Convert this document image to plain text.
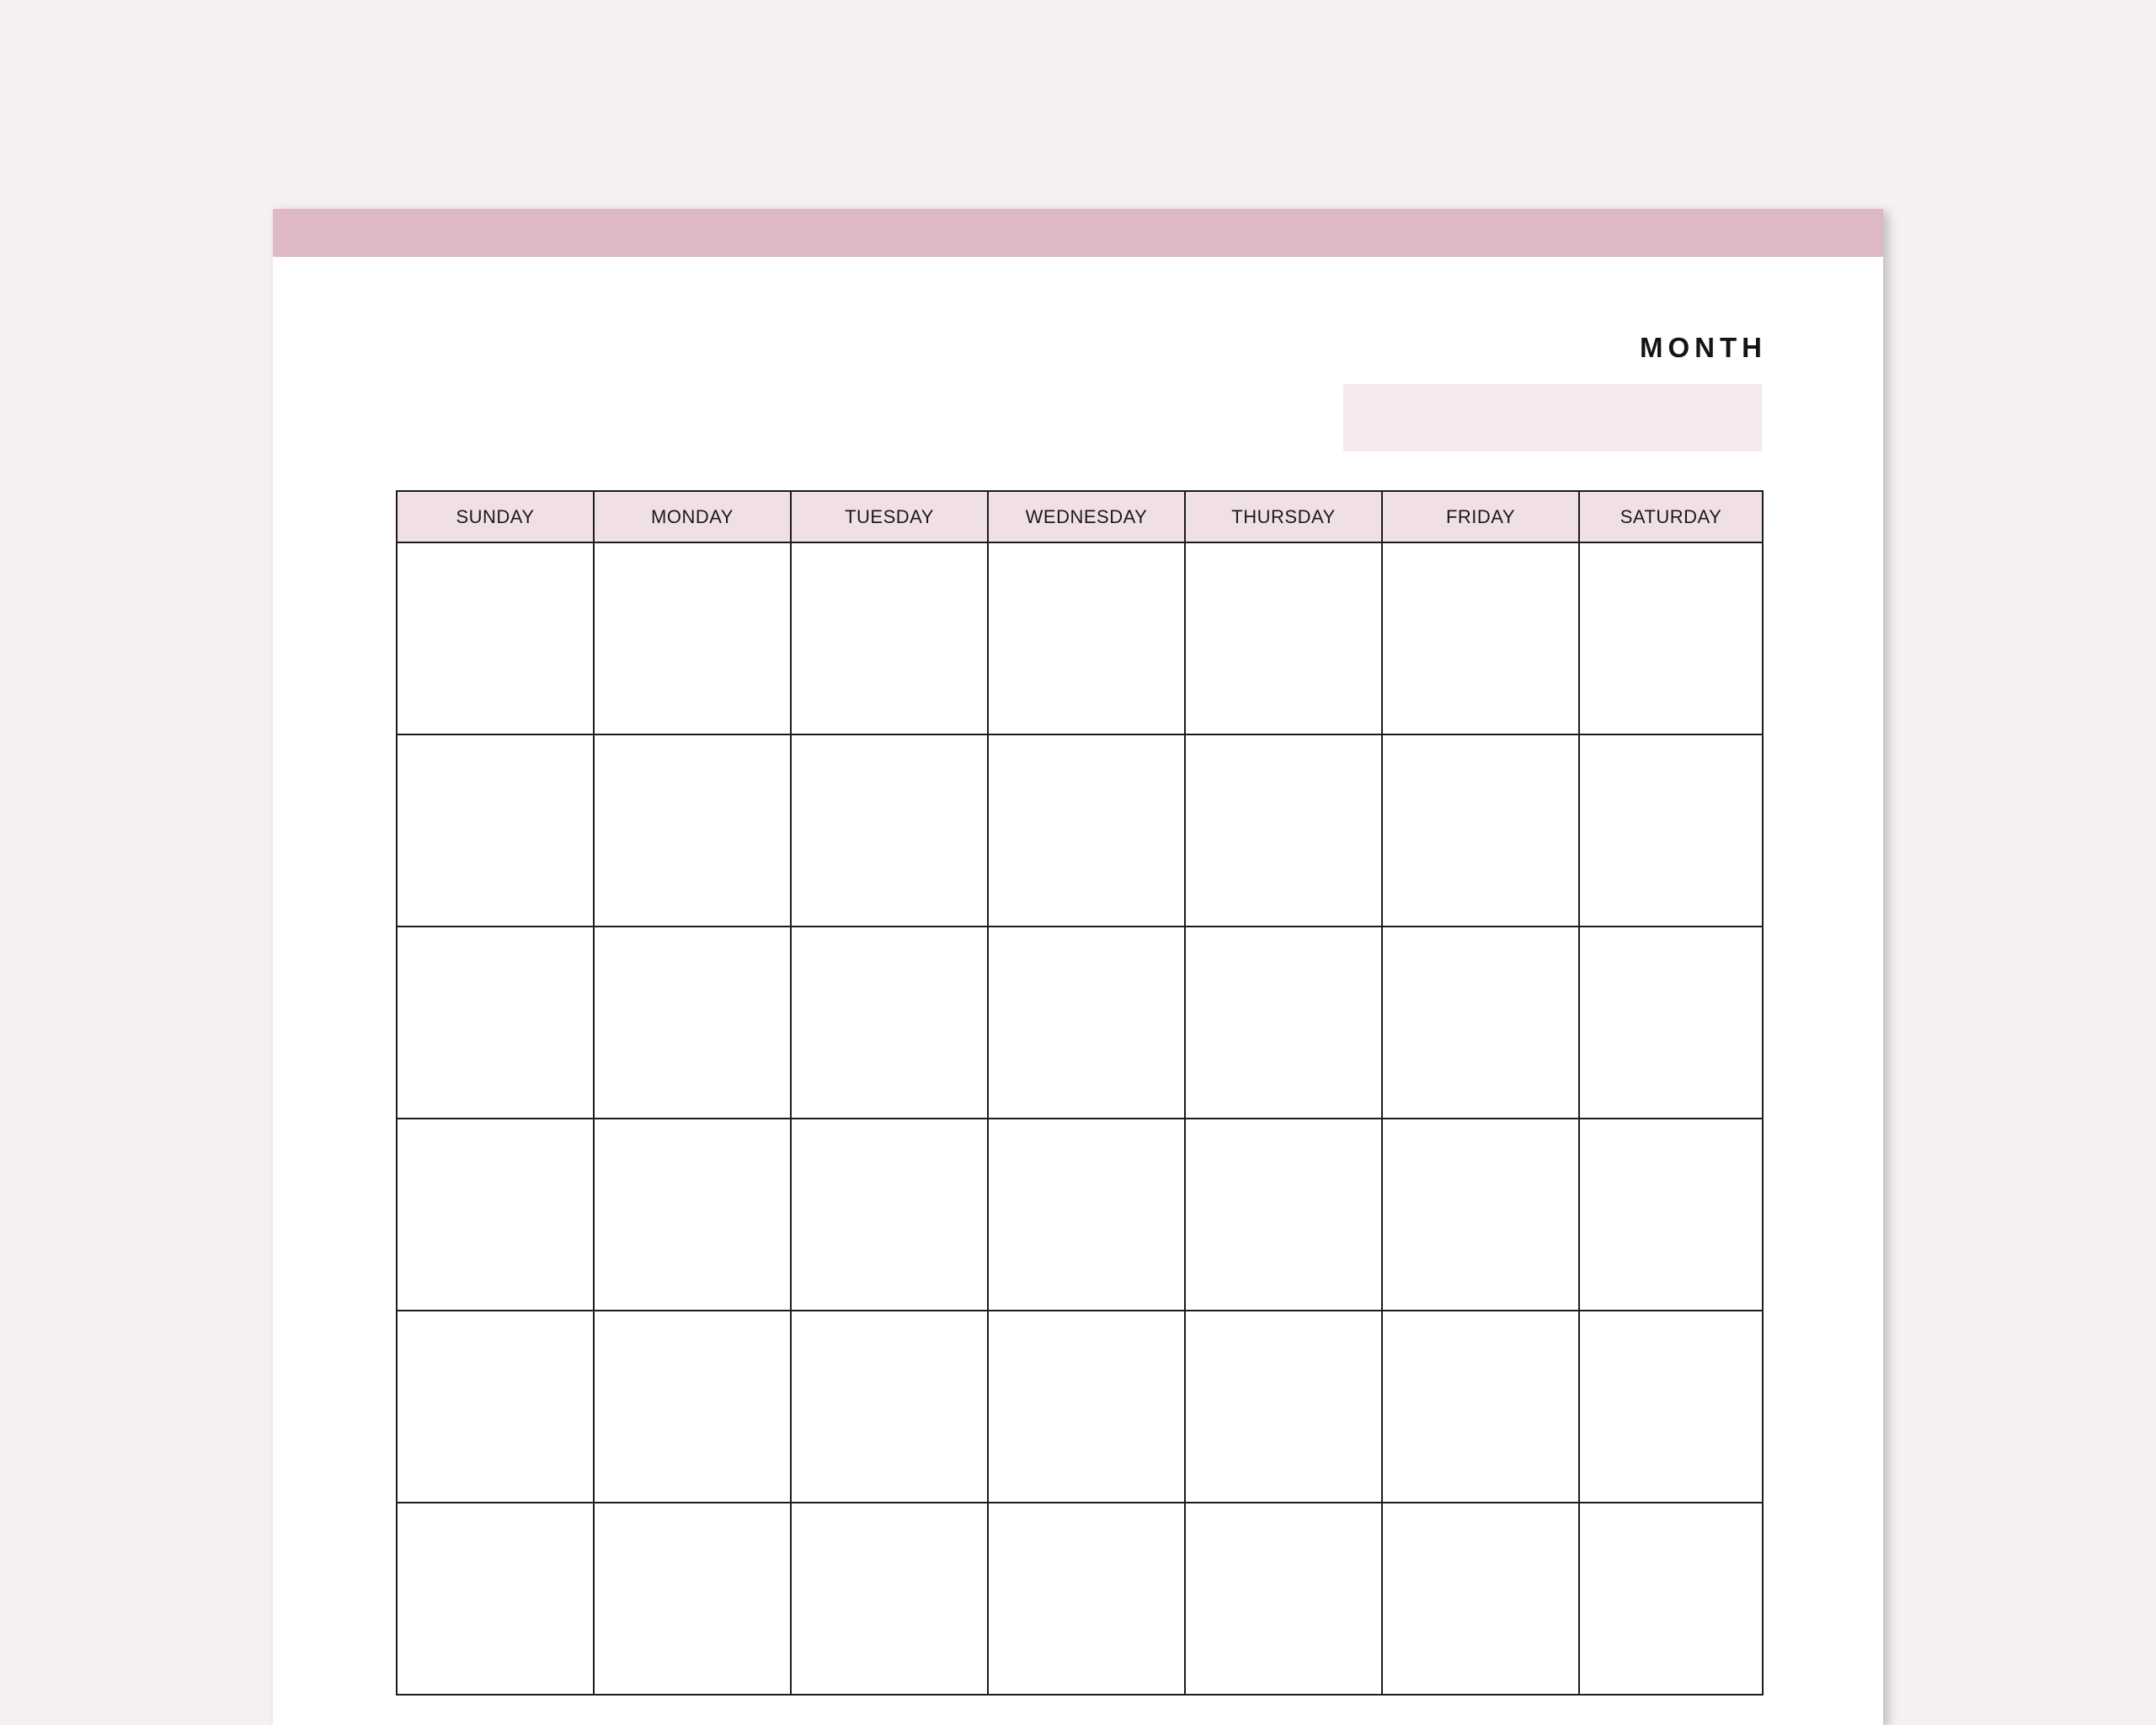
MONTH
SUNDAY	MONDAY	TUESDAY	WEDNESDAY	THURSDAY	FRIDAY	SATURDAY
